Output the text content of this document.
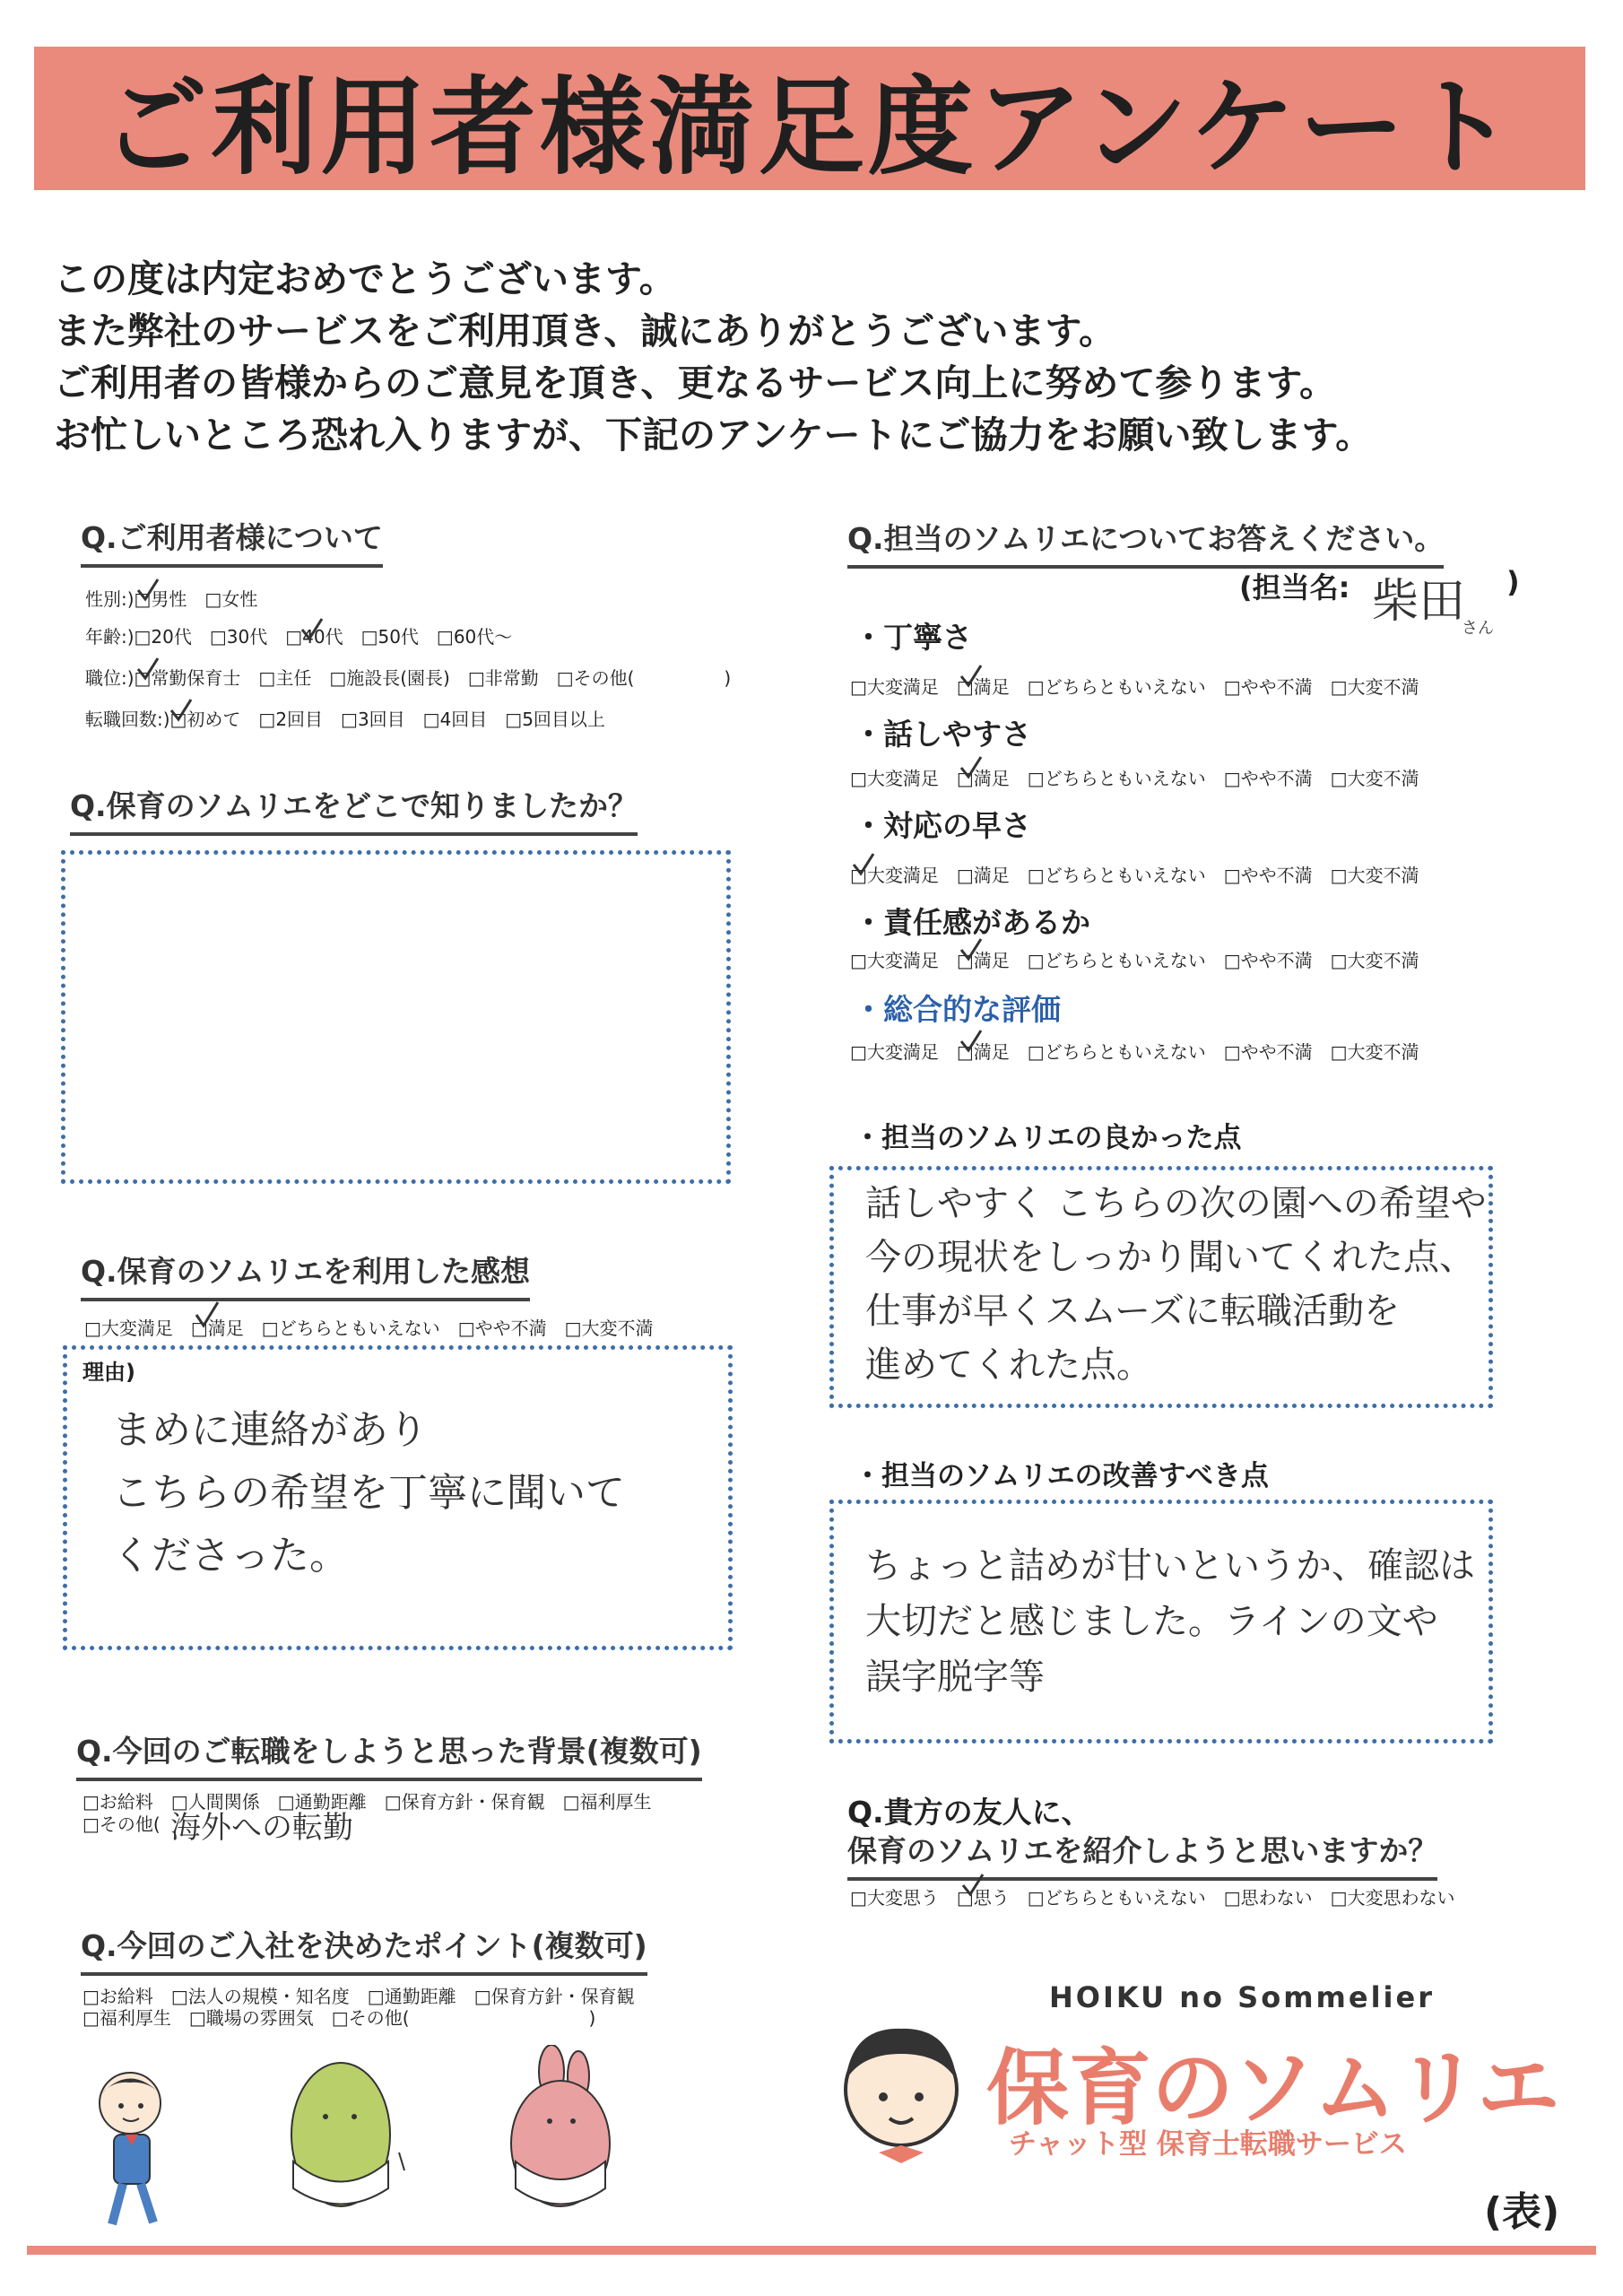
ご利用者様満足度アンケート

この度は内定おめでとうございます。

また弊社のサービスをご利用頂き、誠にありがとうございます。

ご利用者の皆様からのご意見を頂き、更なるサービス向上に努めて参ります。

お忙しいところ恐れ入りますが、下記のアンケートにご協力をお願い致します。

Q.ご利用者様について
性別:)□男性　□女性
年齢:)□20代　□30代　□40代　□50代　□60代～
職位:)□常勤保育士　□主任　□施設長(園長)　□非常勤　□その他(　　　　　)
転職回数:)□初めて　□2回目　□3回目　□4回目　□5回目以上
Q.保育のソムリエをどこで知りましたか？
Q.保育のソムリエを利用した感想
□大変満足　□満足　□どちらともいえない　□やや不満　□大変不満
理由)
まめに連絡があり
こちらの希望を丁寧に聞いて
くださった。
Q.今回のご転職をしようと思った背景(複数可)
□お給料　□人間関係　□通勤距離　□保育方針・保育観　□福利厚生
□その他( 海外への転勤
Q.今回のご入社を決めたポイント(複数可)
□お給料　□法人の規模・知名度　□通勤距離　□保育方針・保育観
□福利厚生　□職場の雰囲気　□その他(　　　　　　　　　　)
Q.担当のソムリエについてお答えください。
(担当名: 柴田
さん
)
・丁寧さ
□大変満足　□満足　□どちらともいえない　□やや不満　□大変不満
・話しやすさ
□大変満足　□満足　□どちらともいえない　□やや不満　□大変不満
・対応の早さ
□大変満足　□満足　□どちらともいえない　□やや不満　□大変不満
・責任感があるか
□大変満足　□満足　□どちらともいえない　□やや不満　□大変不満
・総合的な評価
□大変満足　□満足　□どちらともいえない　□やや不満　□大変不満
・担当のソムリエの良かった点
話しやすく こちらの次の園への希望や
今の現状をしっかり聞いてくれた点、
仕事が早くスムーズに転職活動を
進めてくれた点。
・担当のソムリエの改善すべき点
ちょっと詰めが甘いというか、確認は
大切だと感じました。ラインの文や
誤字脱字等
Q.貴方の友人に、
保育のソムリエを紹介しようと思いますか？
□大変思う　□思う　□どちらともいえない　□思わない　□大変思わない
HOIKU no Sommelier
保育のソムリエ
チャット型 保育士転職サービス
(表)
